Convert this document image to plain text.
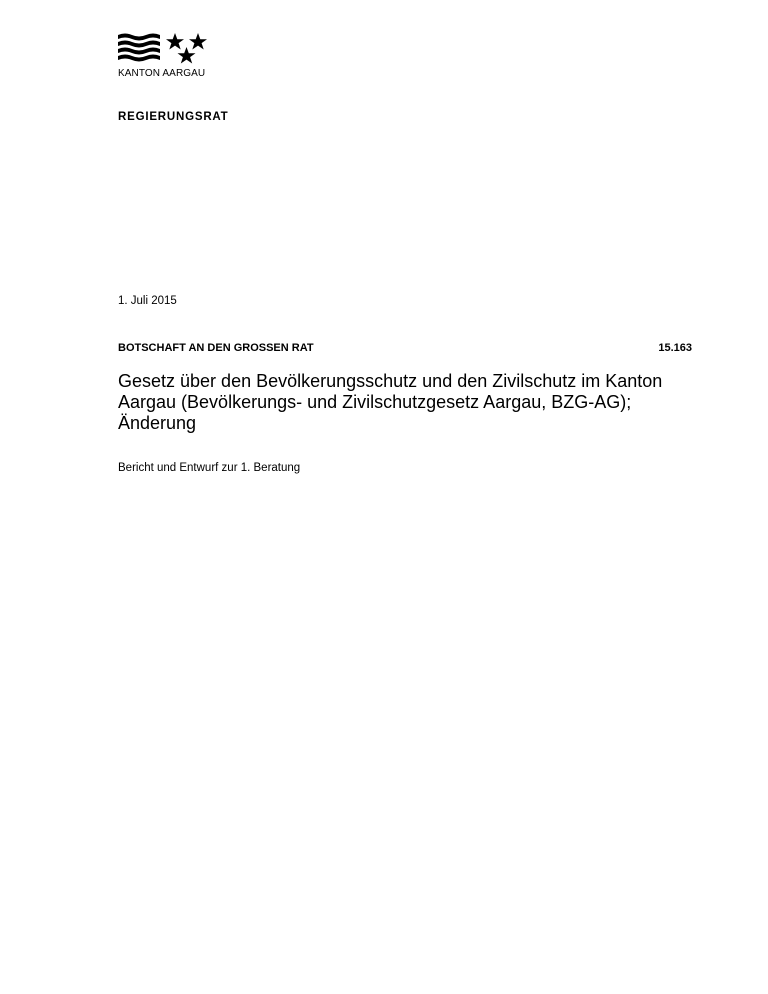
KANTON AARGAU
REGIERUNGSRAT
1. Juli 2015
BOTSCHAFT AN DEN GROSSEN RAT	15.163
Gesetz über den Bevölkerungsschutz und den Zivilschutz im Kanton Aargau (Bevölkerungs- und Zivilschutzgesetz Aargau, BZG-AG); Änderung
Bericht und Entwurf zur 1. Beratung
